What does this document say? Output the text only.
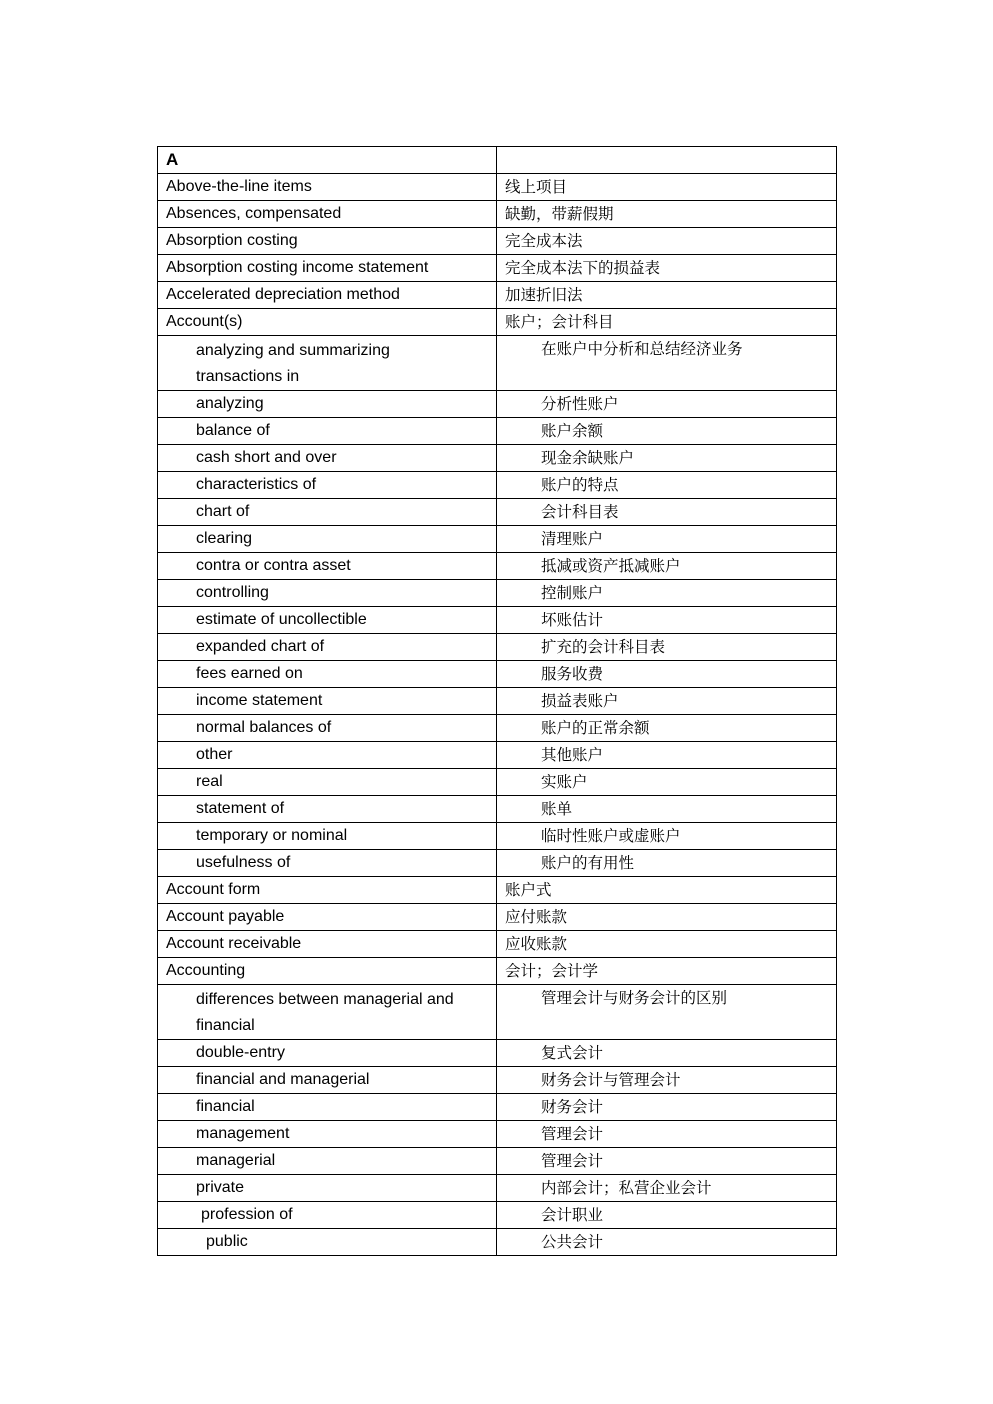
A	
Above-the-line items	线上项目
Absences, compensated	缺勤，带薪假期
Absorption costing	完全成本法
Absorption costing income statement	完全成本法下的损益表
Accelerated depreciation method	加速折旧法
Account(s)	账户；会计科目

analyzing and summarizing
transactions in	在账户中分析和总结经济业务
analyzing	分析性账户
balance of	账户余额
cash short and over	现金余缺账户
characteristics of	账户的特点
chart of	会计科目表
clearing	清理账户
contra or contra asset	抵减或资产抵减账户
controlling	控制账户
estimate of uncollectible	坏账估计
expanded chart of	扩充的会计科目表
fees earned on	服务收费
income statement	损益表账户
normal balances of	账户的正常余额
other	其他账户
real	实账户
statement of	账单
temporary or nominal	临时性账户或虚账户
usefulness of	账户的有用性
Account form	账户式
Account payable	应付账款
Account receivable	应收账款
Accounting	会计；会计学

differences between managerial and
financial	管理会计与财务会计的区别
double-entry	复式会计
financial and managerial	财务会计与管理会计
financial	财务会计
management	管理会计
managerial	管理会计
private	内部会计；私营企业会计
profession of	会计职业
public	公共会计
